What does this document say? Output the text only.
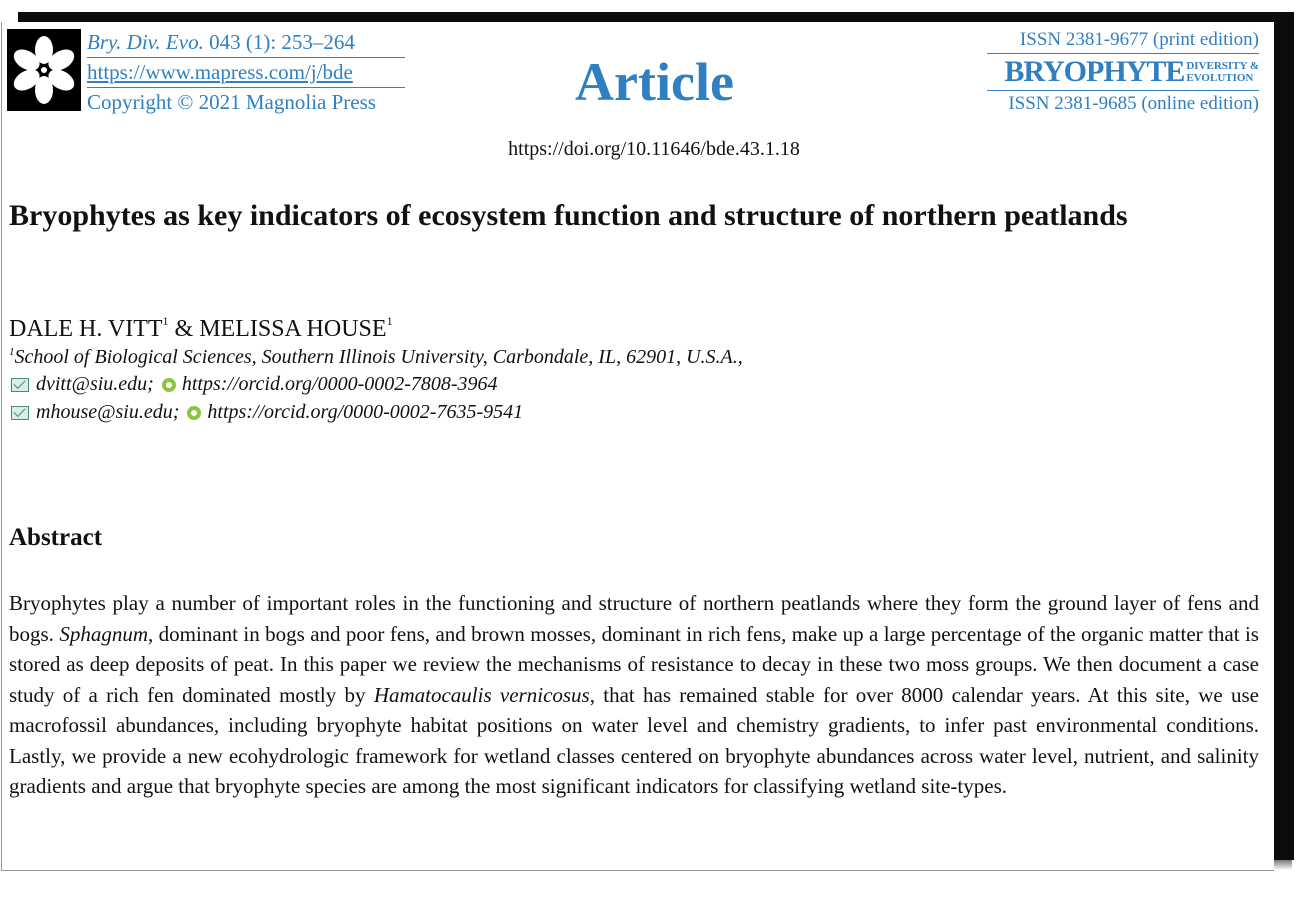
Bry. Div. Evo. 043 (1): 253–264
https://www.mapress.com/j/bde
Copyright © 2021 Magnolia Press	Article
ISSN 2381-9677 (print edition)
BRYOPHYTE DIVERSITY &
EVOLUTION
ISSN 2381-9685 (online edition)
https://doi.org/10.11646/bde.43.1.18
Bryophytes as key indicators of ecosystem function and structure of northern peatlands
DALE H. VITT$^1$ & MELISSA HOUSE$^1$
$^1$School of Biological Sciences, Southern Illinois University, Carbondale, IL, 62901, U.S.A.,
dvitt@siu.edu; https://orcid.org/0000-0002-7808-3964
mhouse@siu.edu; https://orcid.org/0000-0002-7635-9541
Abstract
Bryophytes play a number of important roles in the functioning and structure of northern peatlands where they form the ground layer of fens and bogs. Sphagnum, dominant in bogs and poor fens, and brown mosses, dominant in rich fens, make up a large percentage of the organic matter that is stored as deep deposits of peat. In this paper we review the mechanisms of resistance to decay in these two moss groups. We then document a case study of a rich fen dominated mostly by Hamatocaulis vernicosus, that has remained stable for over 8000 calendar years. At this site, we use macrofossil abundances, including bryophyte habitat positions on water level and chemistry gradients, to infer past environmental conditions. Lastly, we provide a new ecohydrologic framework for wetland classes centered on bryophyte abundances across water level, nutrient, and salinity gradients and argue that bryophyte species are among the most significant indicators for classifying wetland site-types.
